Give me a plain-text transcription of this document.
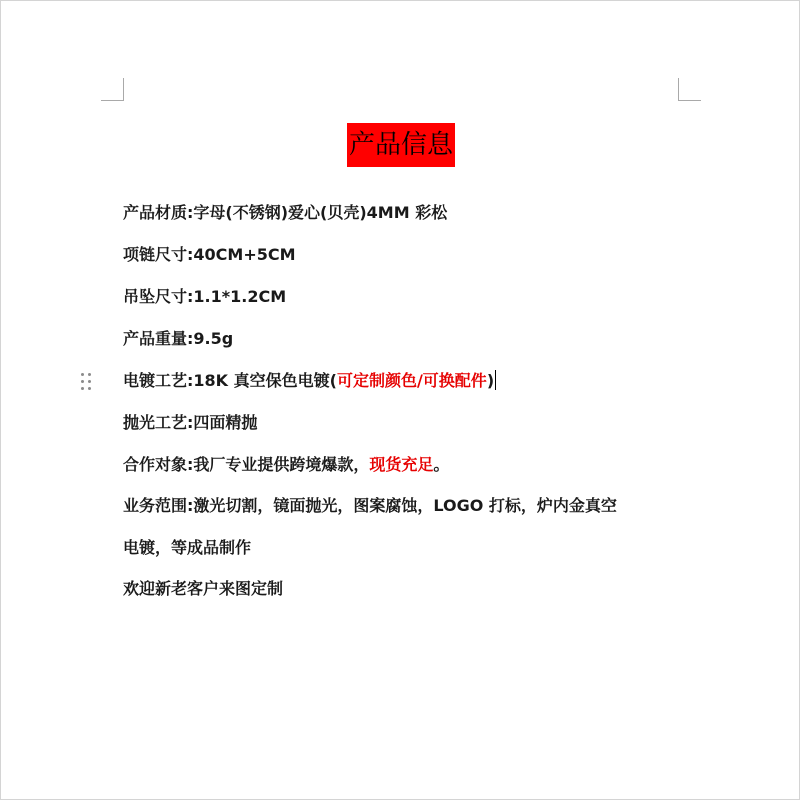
产品信息
产品材质:字母(不锈钢)爱心(贝壳)4MM 彩松
项链尺寸:40CM+5CM
吊坠尺寸:1.1*1.2CM
产品重量:9.5g
电镀工艺:18K 真空保色电镀(可定制颜色/可换配件)
抛光工艺:四面精抛
合作对象:我厂专业提供跨境爆款，现货充足。
业务范围:激光切割，镜面抛光，图案腐蚀，LOGO 打标，炉内金真空
电镀，等成品制作
欢迎新老客户来图定制
